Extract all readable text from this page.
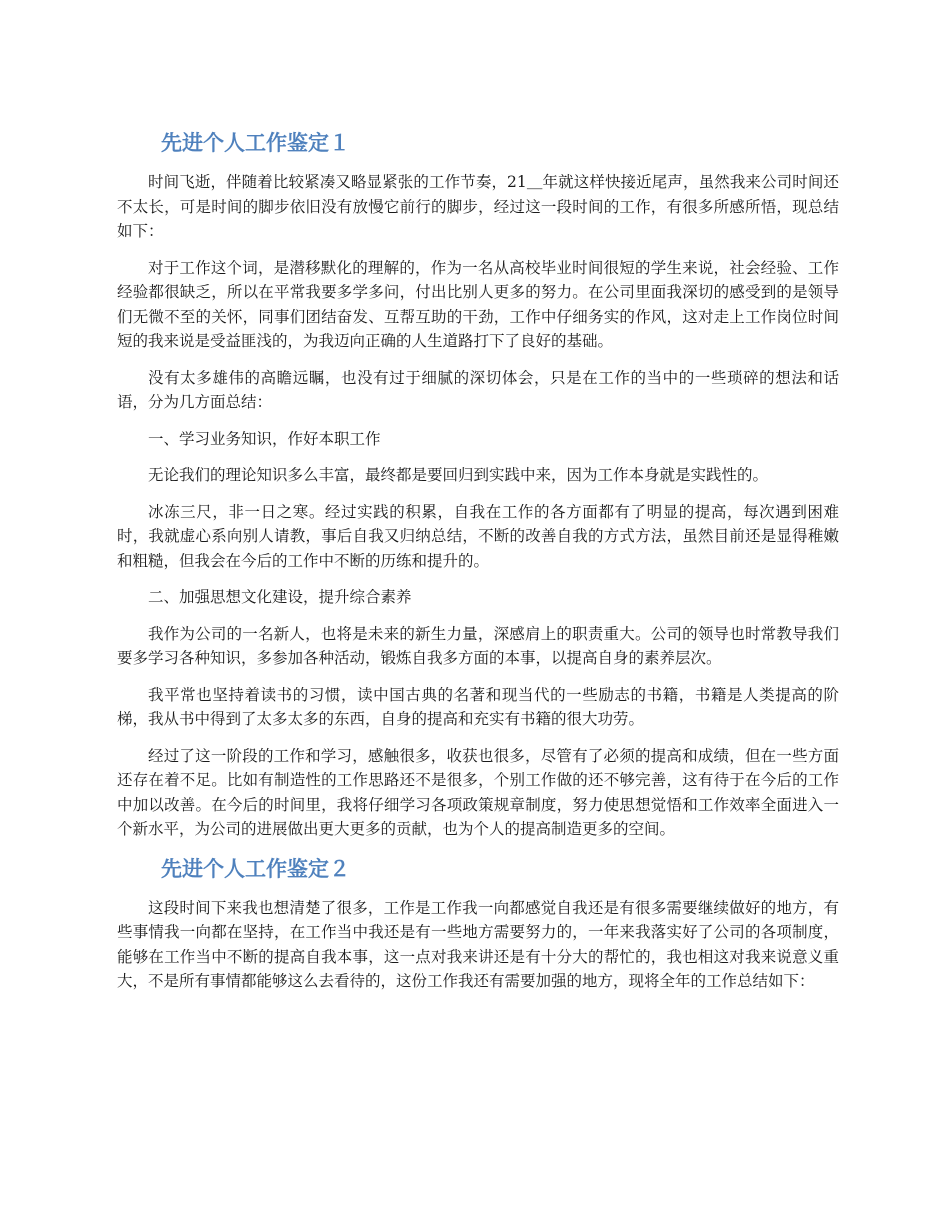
先进个人工作鉴定１

时间飞逝，伴随着比较紧凑又略显紧张的工作节奏，21＿年就这样快接近尾声，虽然我来公司时间还不太长，可是时间的脚步依旧没有放慢它前行的脚步，经过这一段时间的工作，有很多所感所悟，现总结如下：

对于工作这个词，是潜移默化的理解的，作为一名从高校毕业时间很短的学生来说，社会经验、工作经验都很缺乏，所以在平常我要多学多问，付出比别人更多的努力。在公司里面我深切的感受到的是领导们无微不至的关怀，同事们团结奋发、互帮互助的干劲，工作中仔细务实的作风，这对走上工作岗位时间短的我来说是受益匪浅的，为我迈向正确的人生道路打下了良好的基础。

没有太多雄伟的高瞻远瞩，也没有过于细腻的深切体会，只是在工作的当中的一些琐碎的想法和话语，分为几方面总结：

一、学习业务知识，作好本职工作

无论我们的理论知识多么丰富，最终都是要回归到实践中来，因为工作本身就是实践性的。

冰冻三尺，非一日之寒。经过实践的积累，自我在工作的各方面都有了明显的提高，每次遇到困难时，我就虚心系向别人请教，事后自我又归纳总结，不断的改善自我的方式方法，虽然目前还是显得稚嫩和粗糙，但我会在今后的工作中不断的历练和提升的。

二、加强思想文化建设，提升综合素养

我作为公司的一名新人，也将是未来的新生力量，深感肩上的职责重大。公司的领导也时常教导我们要多学习各种知识，多参加各种活动，锻炼自我多方面的本事，以提高自身的素养层次。

我平常也坚持着读书的习惯，读中国古典的名著和现当代的一些励志的书籍，书籍是人类提高的阶梯，我从书中得到了太多太多的东西，自身的提高和充实有书籍的很大功劳。

经过了这一阶段的工作和学习，感触很多，收获也很多，尽管有了必须的提高和成绩，但在一些方面还存在着不足。比如有制造性的工作思路还不是很多，个别工作做的还不够完善，这有待于在今后的工作中加以改善。在今后的时间里，我将仔细学习各项政策规章制度，努力使思想觉悟和工作效率全面进入一个新水平，为公司的进展做出更大更多的贡献，也为个人的提高制造更多的空间。

先进个人工作鉴定２

这段时间下来我也想清楚了很多，工作是工作我一向都感觉自我还是有很多需要继续做好的地方，有些事情我一向都在坚持，在工作当中我还是有一些地方需要努力的，一年来我落实好了公司的各项制度，能够在工作当中不断的提高自我本事，这一点对我来讲还是有十分大的帮忙的，我也相这对我来说意义重大，不是所有事情都能够这么去看待的，这份工作我还有需要加强的地方，现将全年的工作总结如下：
